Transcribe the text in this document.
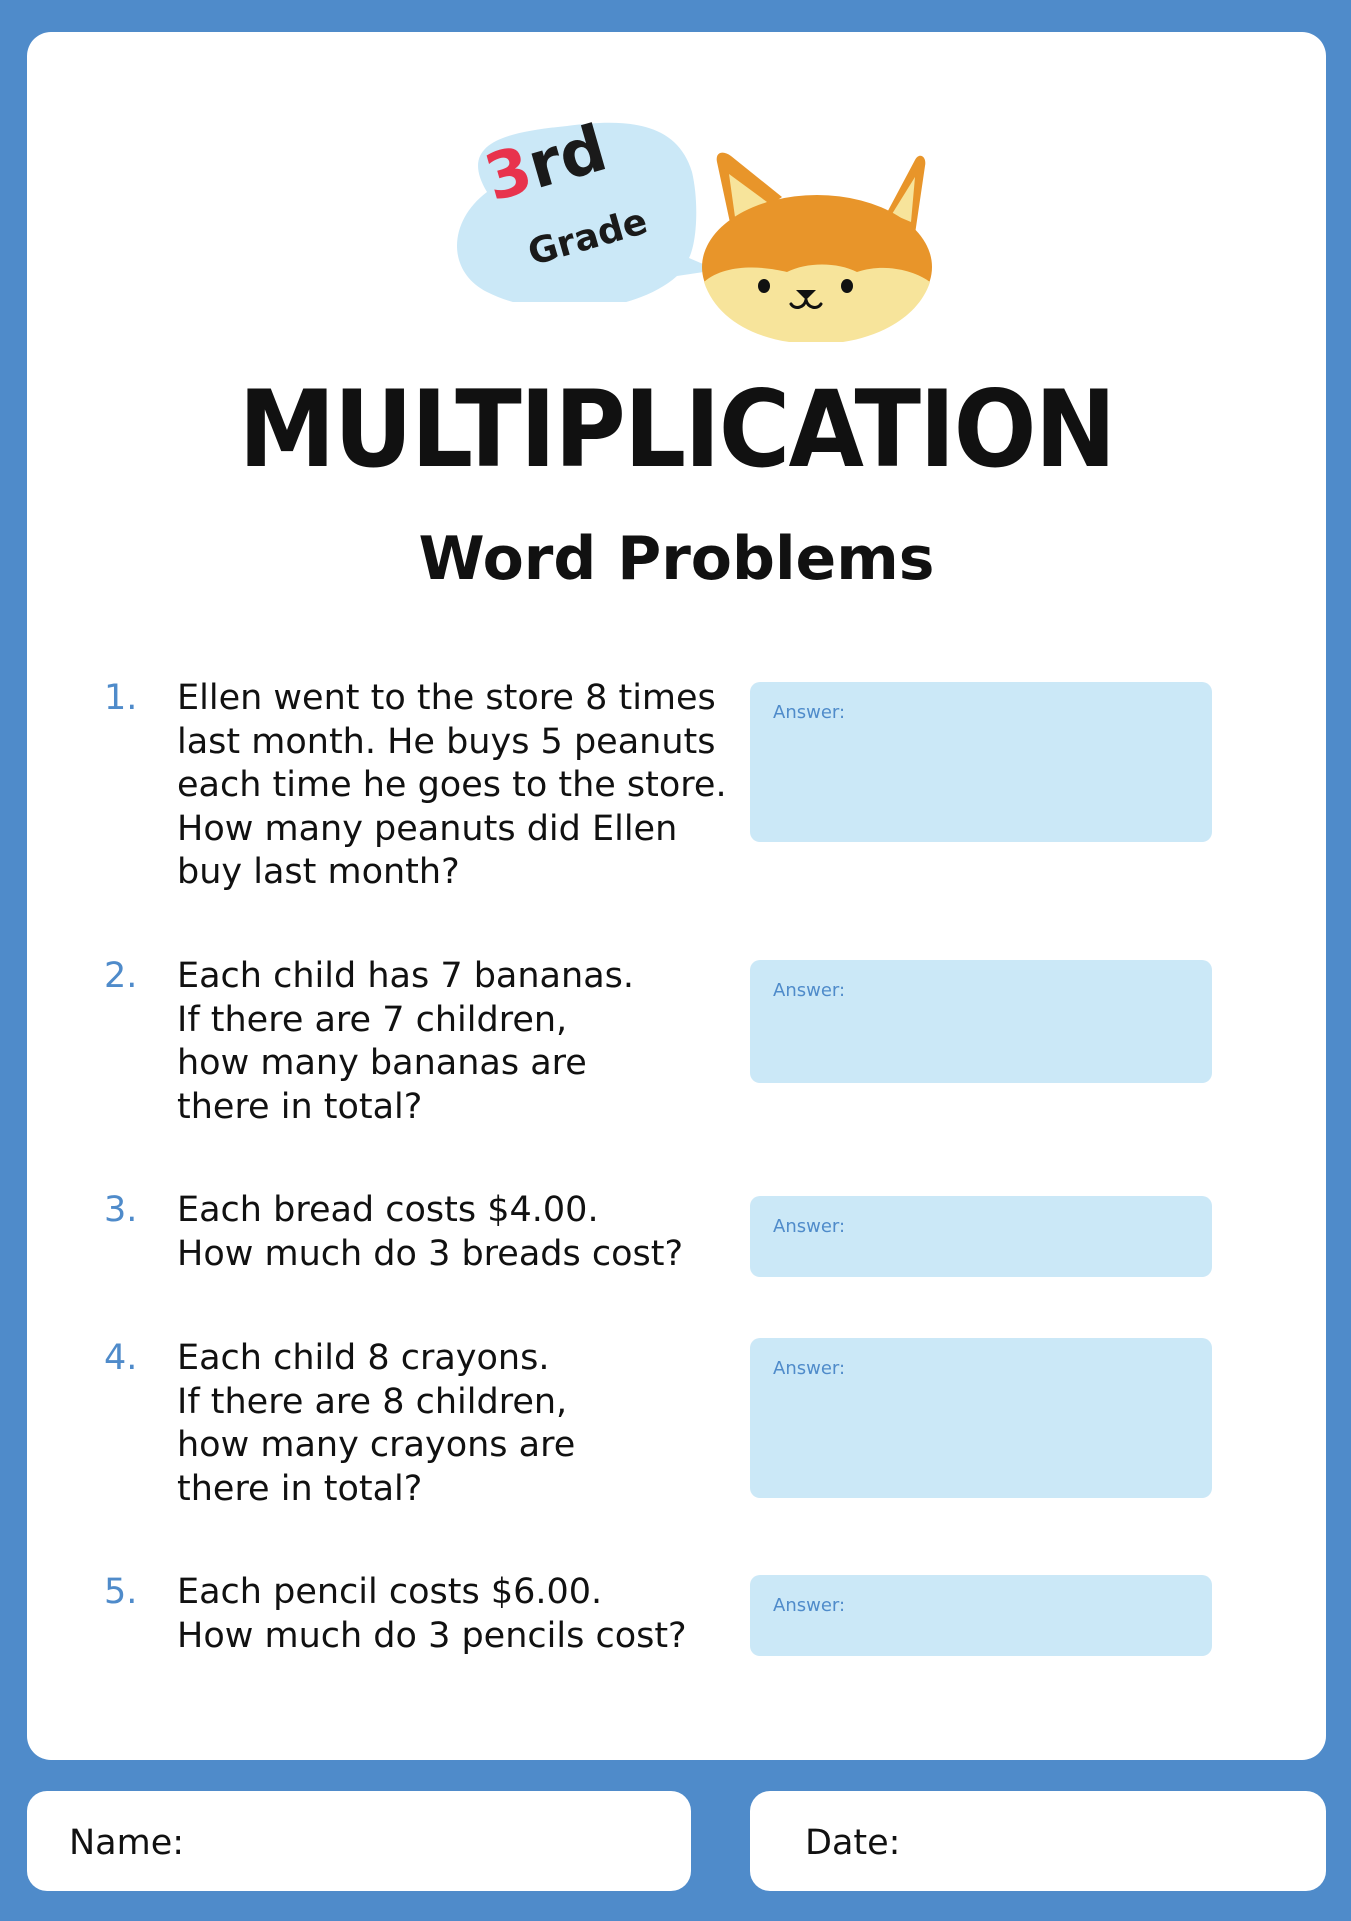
3rd
Grade
MULTIPLICATION
Word Problems
1. Ellen went to the store 8 times
last month. He buys 5 peanuts
each time he goes to the store.
How many peanuts did Ellen
buy last month?
Answer:
2. Each child has 7 bananas.
If there are 7 children,
how many bananas are
there in total?
Answer:
3. Each bread costs $4.00.
How much do 3 breads cost?
Answer:
4. Each child 8 crayons.
If there are 8 children,
how many crayons are
there in total?
Answer:
5. Each pencil costs $6.00.
How much do 3 pencils cost?
Answer:
Name:	Date:
